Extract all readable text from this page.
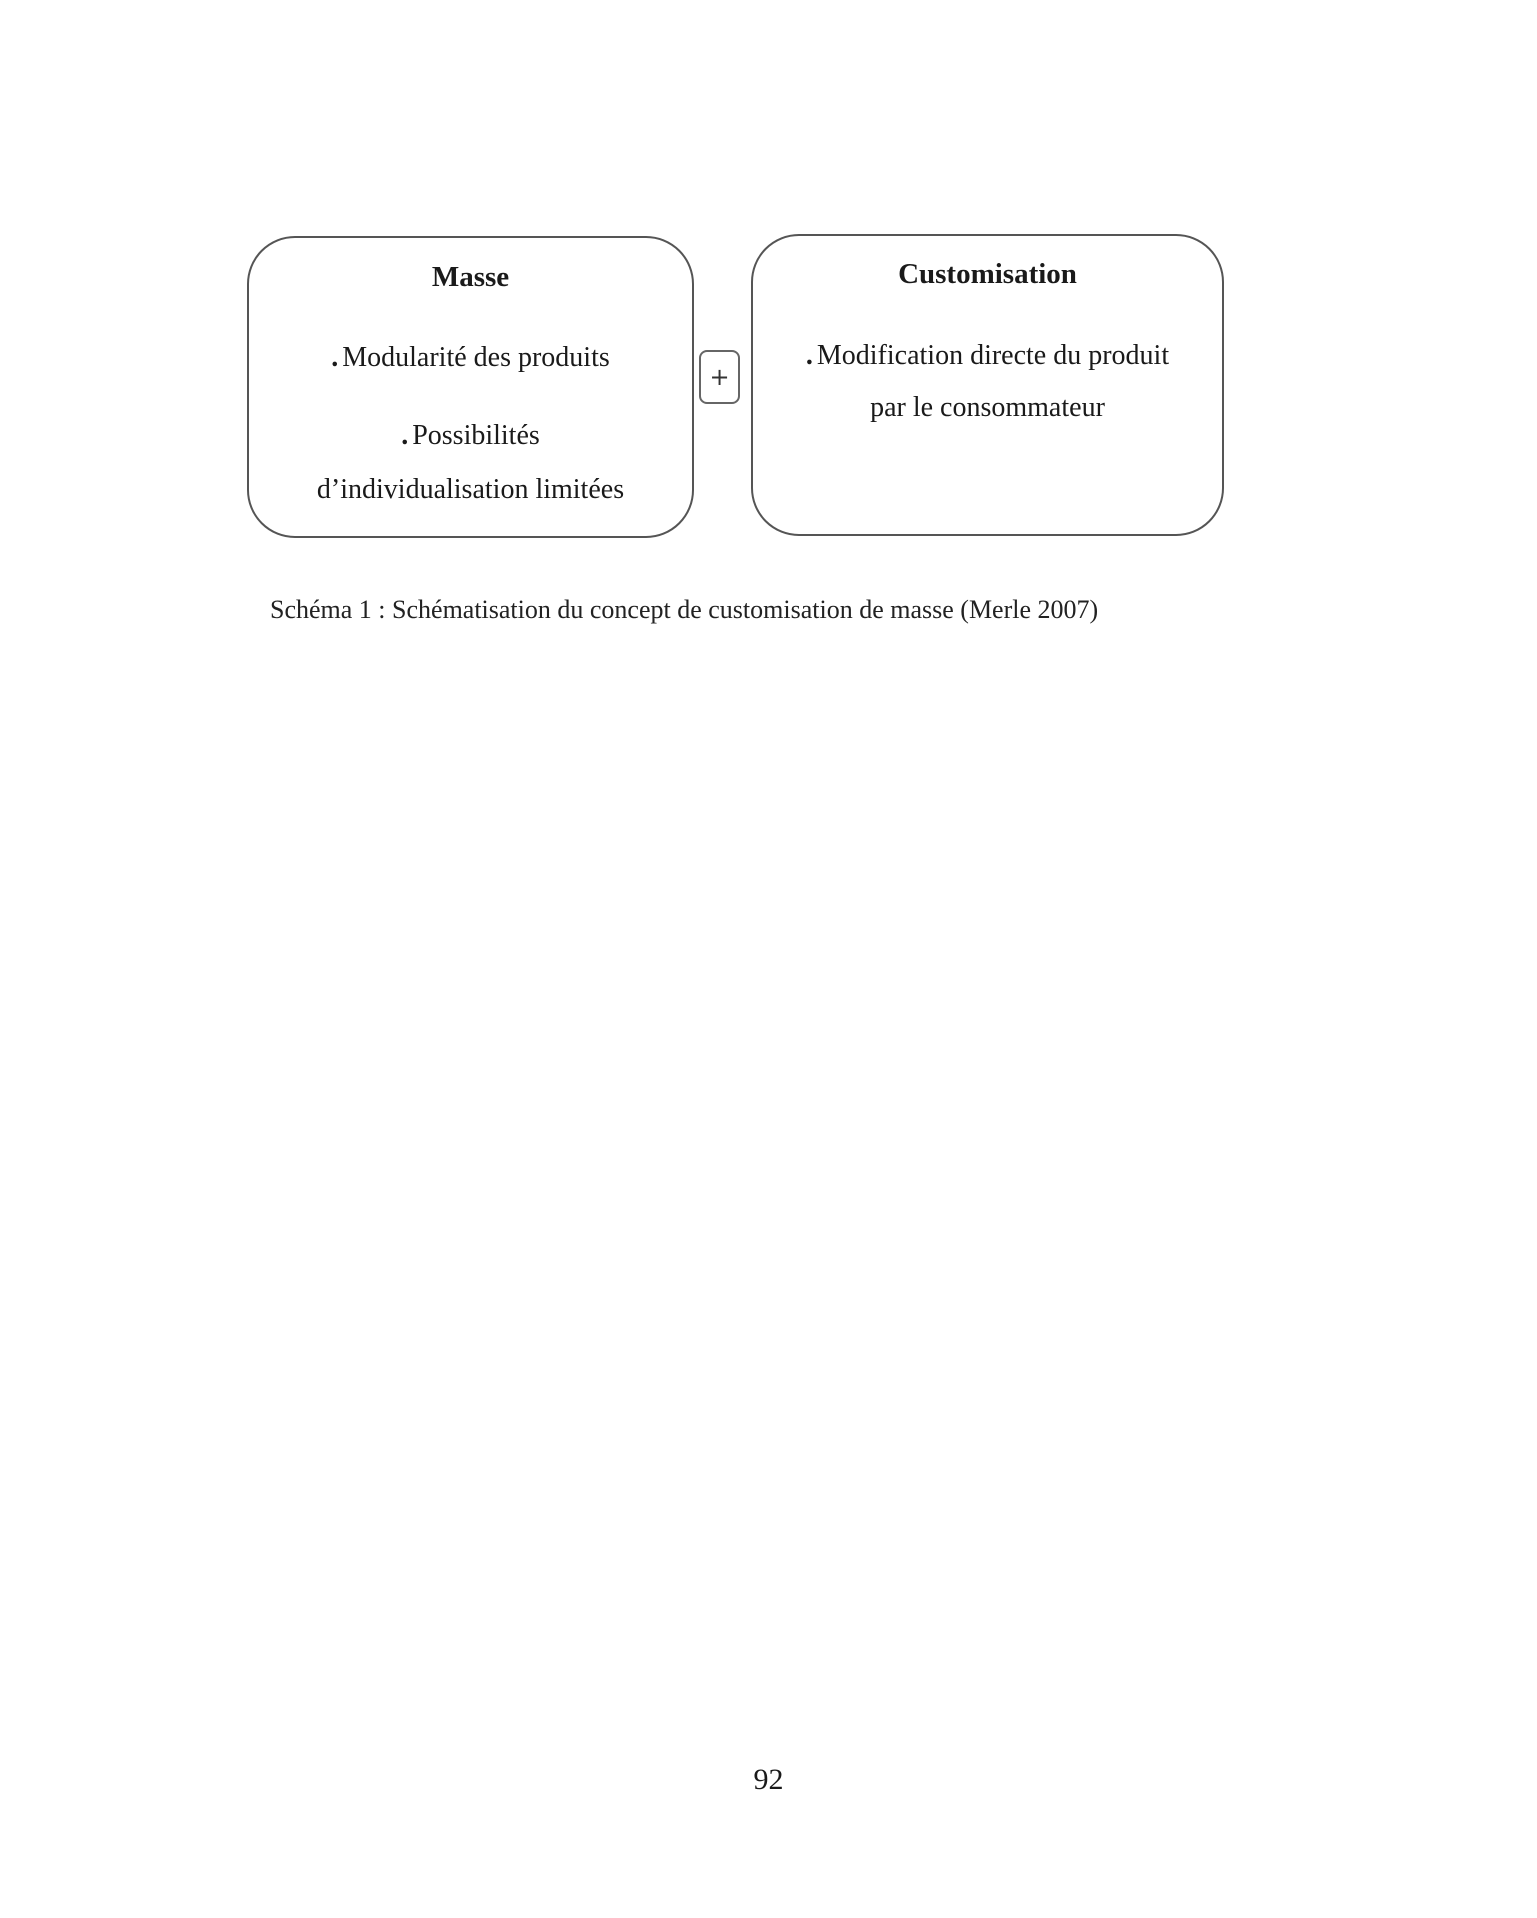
Masse
. Modularité des produits
. Possibilités
d’individualisation limitées
+
Customisation
. Modification directe du produit
par le consommateur
Schéma 1 : Schématisation du concept de customisation de masse (Merle 2007)
92
